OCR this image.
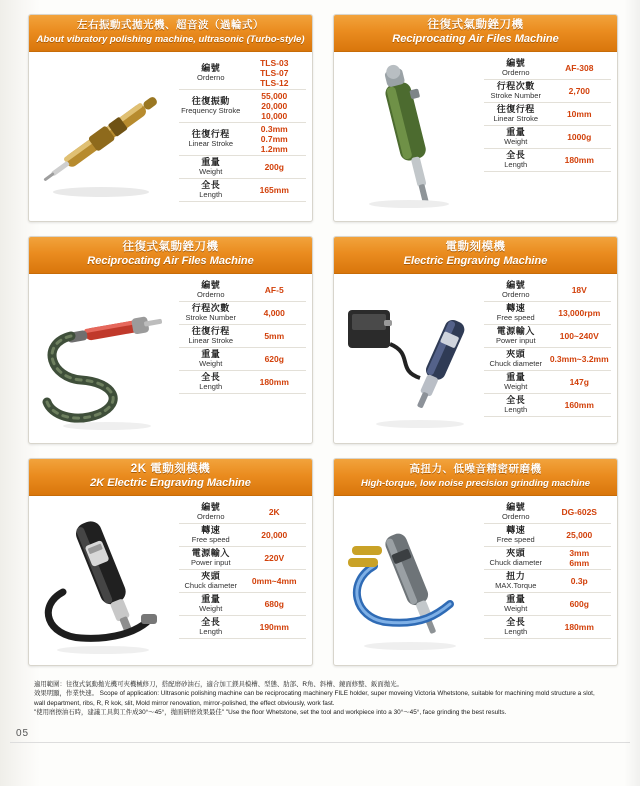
左右振動式拋光機、超音波（過輪式）
About vibratory polishing machine, ultrasonic (Turbo-style)
編號
Orderno	TLS-03
TLS-07
TLS-12

往復振動
Frequency Stroke	55,000
20,000
10,000

往復行程
Linear Stroke	0.3mm
0.7mm
1.2mm

重量
Weight	200g

全長
Length	165mm
往復式氣動銼刀機
Reciprocating Air Files Machine
編號
Orderno	AF-308

行程次數
Stroke Number	2,700

往復行程
Linear Stroke	10mm

重量
Weight	1000g

全長
Length	180mm
往復式氣動銼刀機
Reciprocating Air Files Machine
編號
Orderno	AF-5

行程次數
Stroke Number	4,000

往復行程
Linear Stroke	5mm

重量
Weight	620g

全長
Length	180mm
電動刻模機
Electric Engraving Machine
編號
Orderno	18V

轉速
Free speed	13,000rpm

電源輸入
Power input	100~240V

夾頭
Chuck diameter	0.3mm~3.2mm

重量
Weight	147g

全長
Length	160mm
2K 電動刻模機
2K Electric Engraving Machine
編號
Orderno	2K

轉速
Free speed	20,000

電源輸入
Power input	220V

夾頭
Chuck diameter	0mm~4mm

重量
Weight	680g

全長
Length	190mm
高扭力、低噪音精密研磨機
High-torque, low noise precision grinding machine
編號
Orderno	DG-602S

轉速
Free speed	25,000

夾頭
Chuck diameter	3mm
6mm

扭力
MAX.Torque	0.3p

重量
Weight	600g

全長
Length	180mm
適用範圍：往復式氣動拋光機可夾機械修刀，搭配磨砂油石，適合加工鎂具模槽、型態、肋部、R角、斜槽、鏡面修整、鈑面拋光。
效果明顯，作業快速。 Scope of application: Ultrasonic polishing machine can be reciprocating machinery FILE holder, super moveing Victoria Whetstone, suitable for machining mold structure a slot,
wall department, ribs, R, R kok, slit, Mold mirror renovation, mirror-polished, the effect obviously, work fast.
"使用磨擦油石時，建議工具與工件成30°～45°，拋面研磨效果最佳" "Use the floor Whetstone, set the tool and workpiece into a 30°～45°, face grinding the best results.
05
